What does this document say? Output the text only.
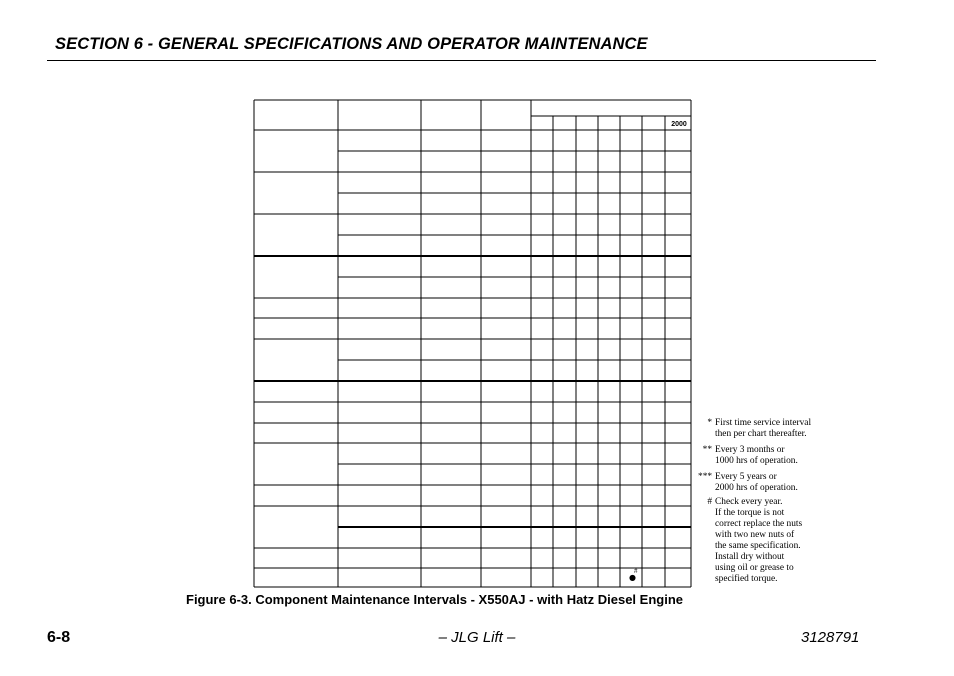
SECTION 6 - GENERAL SPECIFICATIONS AND OPERATOR MAINTENANCE
2000
●
#
* First time service interval
then per chart thereafter.
** Every 3 months or
1000 hrs of operation.
*** Every 5 years or
2000 hrs of operation.
# Check every year.
If the torque is not
correct replace the nuts
with two new nuts of
the same specification.
Install dry without
using oil or grease to
specified torque.
Figure 6-3. Component Maintenance Intervals - X550AJ - with Hatz Diesel Engine
6-8	– JLG Lift –	3128791
